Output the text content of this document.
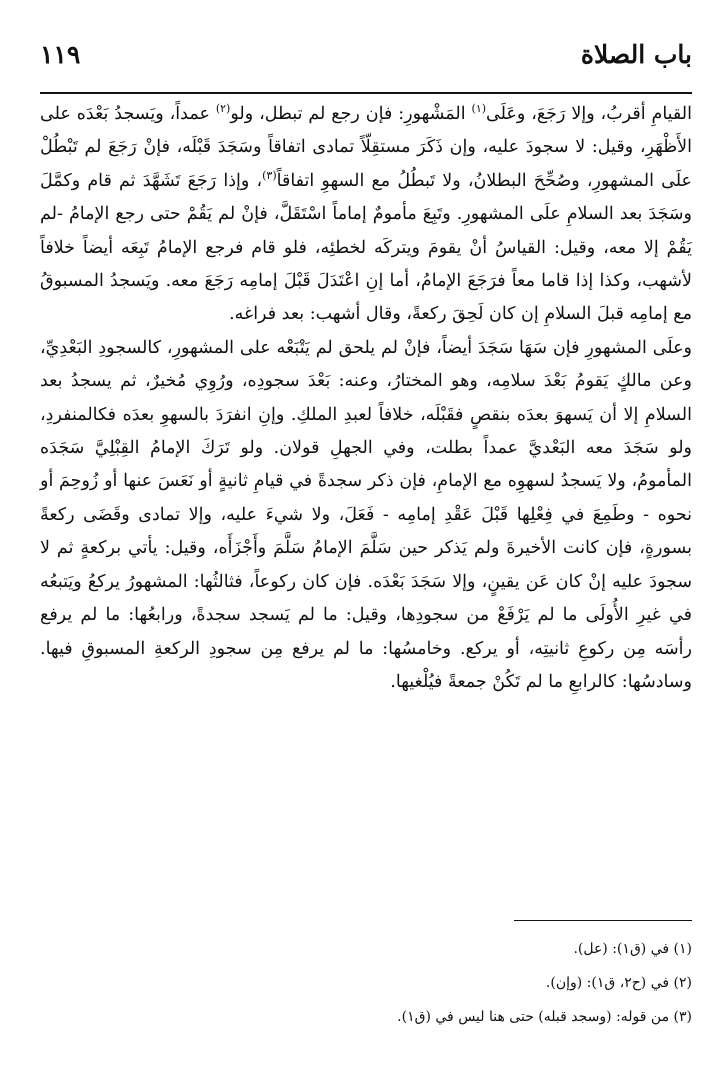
باب الصلاة
١١٩

القيامِ أقربُ، وإلا رَجَعَ، وعَلَى$^{(١)}$ المَشْهورِ: فإن رجع لم تبطل، ولو$^{(٢)}$ عمداً، ويَسجدُ بَعْدَه على الأَظْهَرِ، وقيل: لا سجودَ عليه، وإن ذَكَرَ مستقِلّاً تمادى اتفاقاً وسَجَدَ قَبْلَه، فإنْ رَجَعَ لم تَبْطُلْ علَى المشهورِ، وصُحِّحَ البطلانُ، ولا تَبطُلُ مع السهوِ اتفاقاً$^{(٣)}$، وإذا رَجَعَ تَشَهَّدَ ثم قام وكمَّلَ وسَجَدَ بعد السلامِ علَى المشهورِ. وتَبِعَ مأمومٌ إماماً اسْتَقَلَّ، فإنْ لم يَقُمْ حتى رجع الإمامُ -لم يَقُمْ إلا معه، وقيل: القياسُ أنْ يقومَ ويتركَه لخطئِه، فلو قام فرجع الإمامُ تَبِعَه أيضاً خلافاً لأشهب، وكذا إذا قاما معاً فرَجَعَ الإمامُ، أما إنِ اعْتَدَلَ قَبْلَ إمامِه رَجَعَ معه. ويَسجدُ المسبوقُ مع إمامِه قبلَ السلامِ إن كان لَحِقَ ركعةً، وقال أشهب: بعد فراغه.

وعلَى المشهورِ فإن سَهَا سَجَدَ أيضاً، فإنْ لم يلحق لم يَتْبَعْه على المشهورِ، كالسجودِ البَعْدِيِّ، وعن مالكٍ يَقومُ بَعْدَ سلامِه، وهو المختارُ، وعنه: بَعْدَ سجودِه، ورُوِي مُخيرٌ، ثم يسجدُ بعد السلامِ إلا أن يَسهوَ بعدَه بنقصٍ فقَبْلَه، خلافاً لعبدِ الملكِ. وإنِ انفرَدَ بالسهوِ بعدَه فكالمنفردِ، ولو سَجَدَ معه البَعْديَّ عمداً بطلت، وفي الجهلِ قولان. ولو تَرَكَ الإمامُ القِبْلِيَّ سَجَدَه المأمومُ، ولا يَسجدُ لسهوِه مع الإمامِ، فإن ذكر سجدةً في قيامِ ثانيةٍ أو نَعَسَ عنها أو زُوحِمَ أو نحوه - وطَمِعَ في فِعْلِها قَبْلَ عَقْدِ إمامِه - فَعَلَ، ولا شيءَ عليه، وإلا تمادى وقَضَى ركعةً بسورةٍ، فإن كانت الأخيرةَ ولم يَذكر حين سَلَّمَ الإمامُ سَلَّمَ وأَجْزَأَه، وقيل: يأتي بركعةٍ ثم لا سجودَ عليه إنْ كان عَن يقينٍ، وإلا سَجَدَ بَعْدَه. فإن كان ركوعاً، فثالثُها: المشهورُ يركعُ ويَتبعُه في غيرِ الأُولَى ما لم يَرْفَعْ من سجودِها، وقيل: ما لم يَسجد سجدةً، ورابعُها: ما لم يرفع رأسَه مِن ركوعِ ثانيتِه، أو يركع. وخامسُها: ما لم يرفع مِن سجودِ الركعةِ المسبوقِ فيها. وسادسُها: كالرابعِ ما لم تَكُنْ جمعةً فيُلْغيها.

(١) في (ق١): (عل).
(٢) في (ح٢، ق١): (وإن).
(٣) من قوله: (وسجد قبله) حتى هنا ليس في (ق١).
